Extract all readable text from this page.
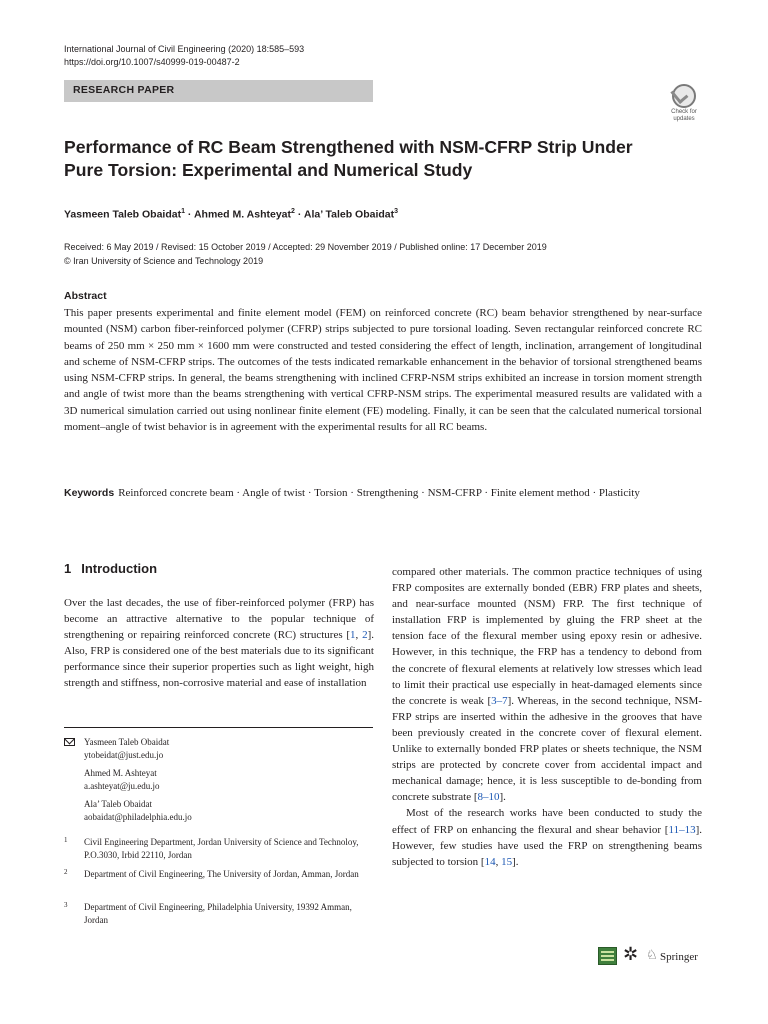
International Journal of Civil Engineering (2020) 18:585–593
https://doi.org/10.1007/s40999-019-00487-2
RESEARCH PAPER
Check for updates
Performance of RC Beam Strengthened with NSM-CFRP Strip Under Pure Torsion: Experimental and Numerical Study
Yasmeen Taleb Obaidat$^1$ · Ahmed M. Ashteyat$^2$ · Ala’ Taleb Obaidat$^3$
Received: 6 May 2019 / Revised: 15 October 2019 / Accepted: 29 November 2019 / Published online: 17 December 2019
© Iran University of Science and Technology 2019
Abstract
This paper presents experimental and finite element model (FEM) on reinforced concrete (RC) beam behavior strengthened by near-surface mounted (NSM) carbon fiber-reinforced polymer (CFRP) strips subjected to pure torsional loading. Seven rectangular reinforced concrete RC beams of 250 mm × 250 mm × 1600 mm were constructed and tested considering the effect of length, inclination, arrangement of longitudinal and scheme of NSM-CFRP strips. The outcomes of the tests indicated remarkable enhancement in the behavior of torsional strengthened beams using NSM-CFRP strips. In general, the beams strengthening with inclined CFRP-NSM strips exhibited an increase in torsion moment strength and angle of twist more than the beams strengthening with vertical CFRP-NSM strips. The experimental measured results are validated with a 3D numerical simulation carried out using nonlinear finite element (FE) modeling. Finally, it can be seen that the calculated numerical torsional moment–angle of twist behavior is in agreement with the experimental results for all RC beams.
Keywords Reinforced concrete beam · Angle of twist · Torsion · Strengthening · NSM-CFRP · Finite element method · Plasticity
1 Introduction

Over the last decades, the use of fiber-reinforced polymer (FRP) has become an attractive alternative to the popular technique of strengthening or repairing reinforced concrete (RC) structures [1, 2]. Also, FRP is considered one of the best materials due to its significant performance since their superior properties such as light weight, high strength and stiffness, non-corrosive material and ease of installation

compared other materials. The common practice techniques of using FRP composites are externally bonded (EBR) FRP plates and sheets, and near-surface mounted (NSM) FRP. The first technique of installation FRP is implemented by gluing the FRP sheet at the tension face of the flexural member using epoxy resin or adhesive. However, in this technique, the FRP has a tendency to debond from the concrete of flexural elements at relatively low stresses which lead to limit their practical use especially in heat-damaged elements since the concrete is weak [3–7]. Whereas, in the second technique, NSM-FRP strips are inserted within the adhesive in the grooves that have been previously created in the concrete cover of flexural element. Unlike to externally bonded FRP plates or sheets technique, the NSM strips are protected by concrete cover from accidental impact and mechanical damage; hence, it is less susceptible to de-bonding from concrete substrate [8–10].

Most of the research works have been conducted to study the effect of FRP on enhancing the flexural and shear behavior [11–13]. However, few studies have used the FRP on strengthening beams subjected to torsion [14, 15].

Yasmeen Taleb Obaidat
ytobeidat@just.edu.jo
Ahmed M. Ashteyat
a.ashteyat@ju.edu.jo
Ala’ Taleb Obaidat
aobaidat@philadelphia.edu.jo
1 Civil Engineering Department, Jordan University of Science and Technoloy, P.O.3030, Irbid 22110, Jordan
2 Department of Civil Engineering, The University of Jordan, Amman, Jordan
3 Department of Civil Engineering, Philadelphia University, 19392 Amman, Jordan
✲ ♘ Springer
